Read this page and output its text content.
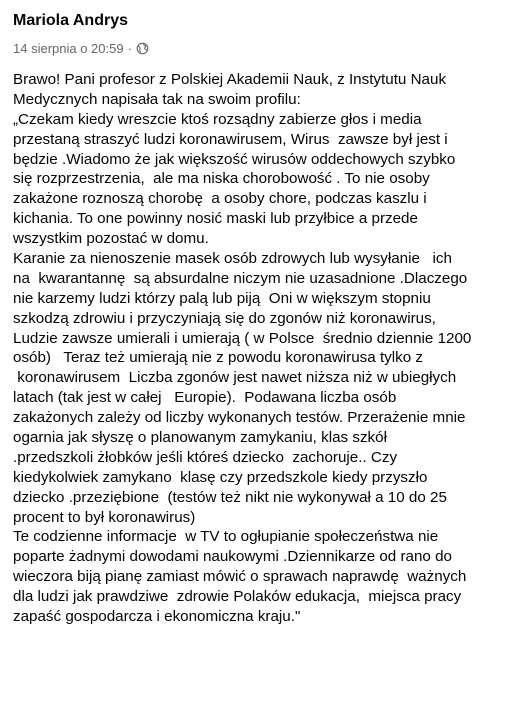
Mariola Andrys
14 sierpnia o 20:59 ·
Brawo! Pani profesor z Polskiej Akademii Nauk, z Instytutu Nauk
Medycznych napisała tak na swoim profilu:
„Czekam kiedy wreszcie ktoś rozsądny zabierze głos i media
przestaną straszyć ludzi koronawirusem, Wirus  zawsze był jest i
będzie .Wiadomo że jak większość wirusów oddechowych szybko
się rozprzestrzenia,  ale ma niska chorobowość . To nie osoby
zakażone roznoszą chorobę  a osoby chore, podczas kaszlu i
kichania. To one powinny nosić maski lub przyłbice a przede
wszystkim pozostać w domu.
Karanie za nienoszenie masek osób zdrowych lub wysyłanie   ich
na  kwarantannę  są absurdalne niczym nie uzasadnione .Dlaczego
nie karzemy ludzi którzy palą lub piją  Oni w większym stopniu
szkodzą zdrowiu i przyczyniają się do zgonów niż koronawirus,
Ludzie zawsze umierali i umierają ( w Polsce  średnio dziennie 1200
osób)   Teraz też umierają nie z powodu koronawirusa tylko z
koronawirusem  Liczba zgonów jest nawet niższa niż w ubiegłych
latach (tak jest w całej   Europie).  Podawana liczba osób
zakażonych zależy od liczby wykonanych testów. Przerażenie mnie
ogarnia jak słyszę o planowanym zamykaniu, klas szkół
.przedszkoli żłobków jeśli któreś dziecko  zachoruje.. Czy
kiedykolwiek zamykano  klasę czy przedszkole kiedy przyszło
dziecko .przeziębione  (testów też nikt nie wykonywał a 10 do 25
procent to był koronawirus)
Te codzienne informacje  w TV to ogłupianie społeczeństwa nie
poparte żadnymi dowodami naukowymi .Dziennikarze od rano do
wieczora biją pianę zamiast mówić o sprawach naprawdę  ważnych
dla ludzi jak prawdziwe  zdrowie Polaków edukacja,  miejsca pracy
zapaść gospodarcza i ekonomiczna kraju."
